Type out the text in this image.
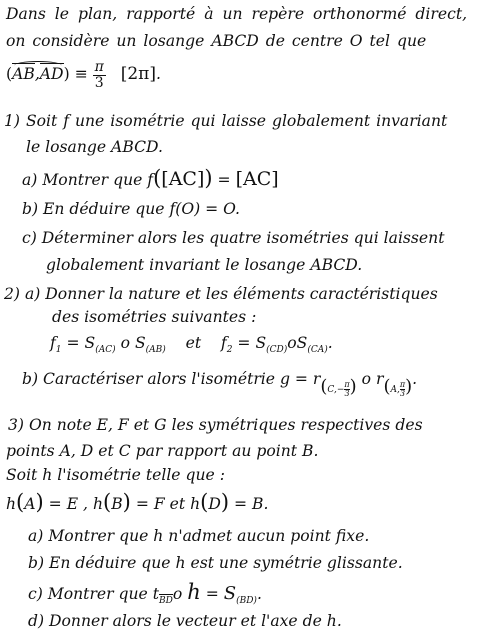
Dans le plan, rapporté à un repère orthonormé direct,
on considère un losange ABCD de centre O tel que
$(AB,AD) \equiv \frac{\pi}{3} [2\pi]$.
1) Soit f une isométrie qui laisse globalement invariant
le losange ABCD.
a) Montrer que f([AC]) = [AC]
b) En déduire que f(O) = O.
c) Déterminer alors les quatre isométries qui laissent
globalement invariant le losange ABCD.
2) a) Donner la nature et les éléments caractéristiques
des isométries suivantes :
$f_1 = S_{(AC)}$ o $S_{(AB)}$ et $f_2 = S_{(CD)}oS_{(CA)}$.
b) Caractériser alors l'isométrie $g = r_{(C,- \frac{\pi}{3})}$ o $r_{(A, \frac{\pi}{3})}$.
3) On note E, F et G les symétriques respectives des
points A, D et C par rapport au point B.
Soit h l'isométrie telle que :
h(A) = E , h(B) = F et h(D) = B.
a) Montrer que h n'admet aucun point fixe.
b) En déduire que h est une symétrie glissante.
c) Montrer que $t_{BD}o$ $h = S_{(BD)}$.
d) Donner alors le vecteur et l'axe de h.
